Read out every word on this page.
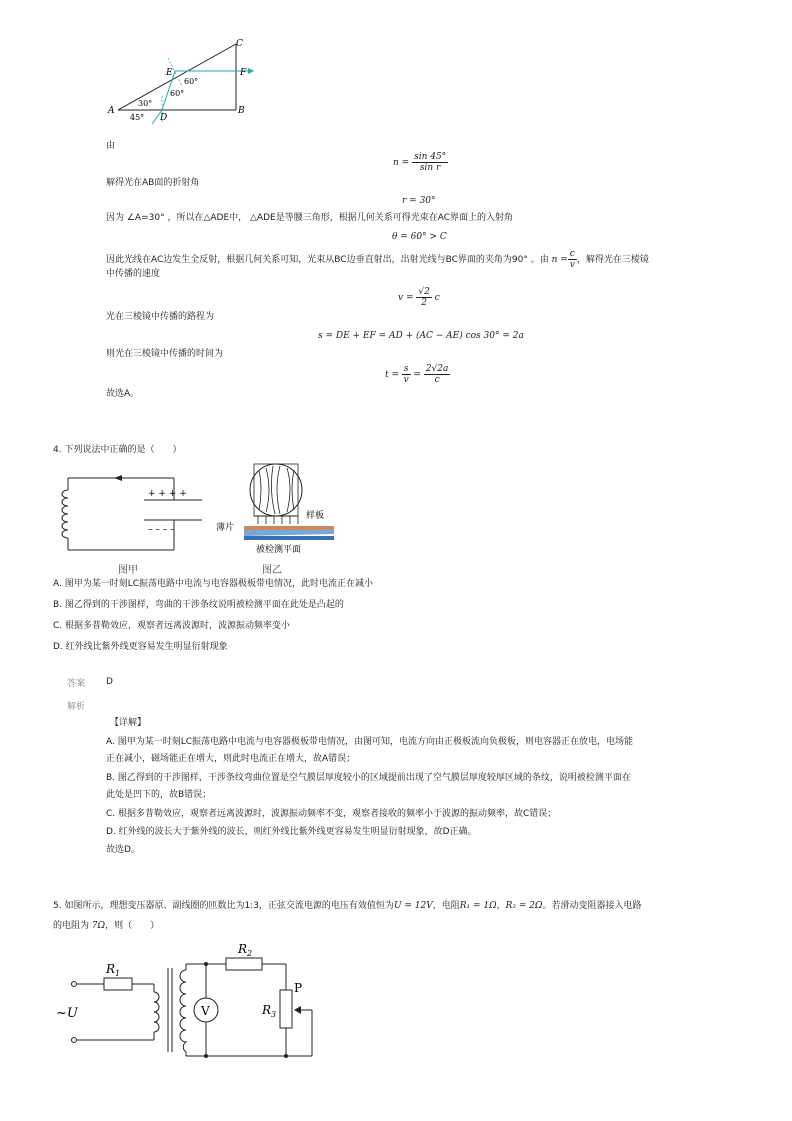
A	B
C
D
E	F
30°
45°
60°
60°
由
$n = \frac{\sin 45^\circ}{\text{sin r}}$
解得光在AB面的折射角
r = 30°
因为 ∠A=30° ，所以在△ADE中， △ADE是等腰三角形，根据几何关系可得光束在AC界面上的入射角
θ = 60° > C
因此光线在AC边发生全反射，根据几何关系可知，光束从BC边垂直射出，出射光线与BC界面的夹角为90° 。由 $n = \frac{c}{v}$ ，解得光在三棱镜
中传播的速度
$v = \frac{√2}{2}$ c
光在三棱镜中传播的路程为
s = DE + EF = AD + (AC − AE) cos 30° = 2a
则光在三棱镜中传播的时间为
$t = \frac{s}{v} = \frac{2√2a}{c}$
故选A。
4. 下列说法中正确的是（　　）
+ + + +
– – – –
图甲
样板
薄片
被检测平面
图乙
A. 图甲为某一时刻LC振荡电路中电流与电容器极板带电情况，此时电流正在减小
B. 图乙得到的干涉图样，弯曲的干涉条纹说明被检测平面在此处是凸起的
C. 根据多普勒效应，观察者远离波源时，波源振动频率变小
D. 红外线比紫外线更容易发生明显衍射现象
答案 D
解析
【详解】
A. 图甲为某一时刻LC振荡电路中电流与电容器极板带电情况，由图可知，电流方向由正极板流向负极板，则电容器正在放电，电场能
正在减小，磁场能正在增大，则此时电流正在增大，故A错误；
B. 图乙得到的干涉图样，干涉条纹弯曲位置是空气膜层厚度较小的区域提前出现了空气膜层厚度较厚区域的条纹，说明被检测平面在
此处是凹下的，故B错误；
C. 根据多普勒效应，观察者远离波源时，波源振动频率不变，观察者接收的频率小于波源的振动频率，故C错误；
D. 红外线的波长大于紫外线的波长，则红外线比紫外线更容易发生明显衍射现象，故D正确。
故选D。
5. 如图所示，理想变压器原、副线圈的匝数比为1:3，正弦交流电源的电压有效值恒为U = 12V，电阻R₁ = 1Ω，R₂ = 2Ω。若滑动变阻器接入电路
的电阻为 7Ω，则（　　）
~U
$R_1$
$R_2$
$R_3$
P
V
